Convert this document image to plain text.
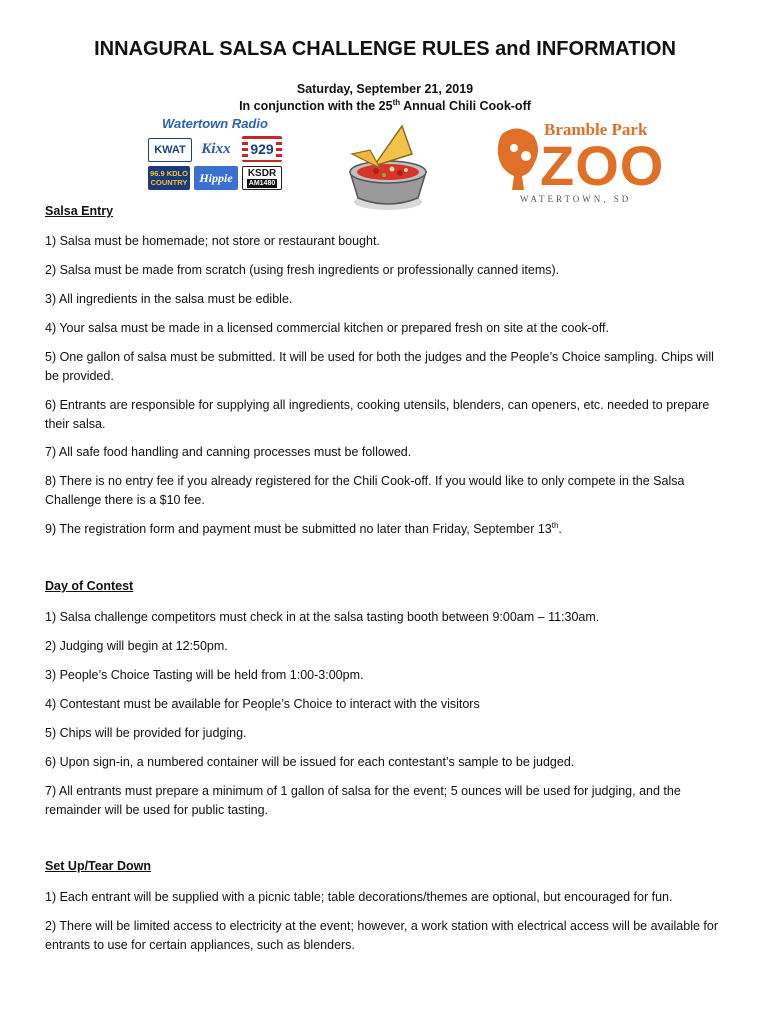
INNAGURAL SALSA CHALLENGE RULES and INFORMATION
Saturday, September 21, 2019
In conjunction with the 25th Annual Chili Cook-off
Watertown Radio
KWAT Kixx 929
96.9 KDLO COUNTRY Hippie KSDR
AM1480
Bramble Park
ZOO
WATERTOWN, SD
Salsa Entry
1) Salsa must be homemade; not store or restaurant bought.
2) Salsa must be made from scratch (using fresh ingredients or professionally canned items).
3) All ingredients in the salsa must be edible.
4) Your salsa must be made in a licensed commercial kitchen or prepared fresh on site at the cook-off.
5) One gallon of salsa must be submitted. It will be used for both the judges and the People’s Choice sampling. Chips will be provided.
6) Entrants are responsible for supplying all ingredients, cooking utensils, blenders, can openers, etc. needed to prepare their salsa.
7) All safe food handling and canning processes must be followed.
8) There is no entry fee if you already registered for the Chili Cook-off. If you would like to only compete in the Salsa Challenge there is a $10 fee.
9) The registration form and payment must be submitted no later than Friday, September 13th.
Day of Contest
1) Salsa challenge competitors must check in at the salsa tasting booth between 9:00am – 11:30am.
2) Judging will begin at 12:50pm.
3) People’s Choice Tasting will be held from 1:00-3:00pm.
4) Contestant must be available for People’s Choice to interact with the visitors
5) Chips will be provided for judging.
6) Upon sign-in, a numbered container will be issued for each contestant’s sample to be judged.
7) All entrants must prepare a minimum of 1 gallon of salsa for the event; 5 ounces will be used for judging, and the remainder will be used for public tasting.
Set Up/Tear Down
1) Each entrant will be supplied with a picnic table; table decorations/themes are optional, but encouraged for fun.
2) There will be limited access to electricity at the event; however, a work station with electrical access will be available for entrants to use for certain appliances, such as blenders.
